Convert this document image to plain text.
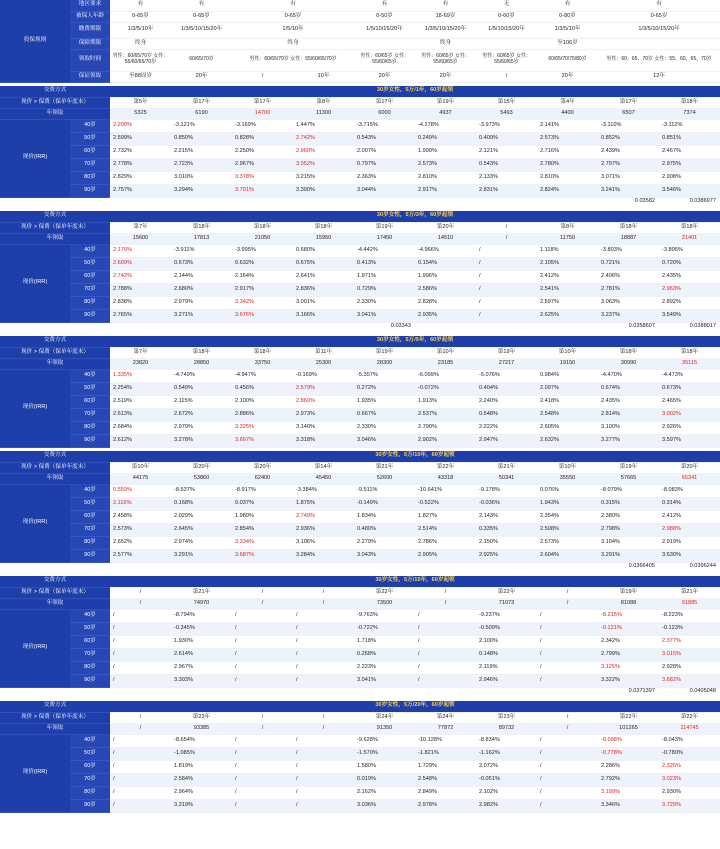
投保规则	地区要求	有	有	有		有	有	无	有	有	
	被保人年龄	0-65岁	0-65岁	0-65岁		0-50岁	18-69岁	0-60岁	0-80岁	0-65岁	
	缴费期限	1/3/5/10年	1/3/5/10/15/20年	1/5/10年		1/5/10/15/20年	1/3/5/10/15/20年	1/5/10/15/20年	1/3/5/10年	1/3/5/10/15/20年	
	保障期限	终身		终身			终身		至106岁		
	领取时间	男性：60/65/70岁 女性：55/60/65/70岁	60/65/70岁	男性：60/65/70岁 女性：55/60/65/70岁		男性：60/65岁 女性：55/60/65岁	男性：60/65岁 女性：55/60/65岁	男性：60/65岁 女性：55/60/65岁	60/65/70/75/80岁	男性：60、65、70岁 女性：55、60、65、70岁	
	保证领取	至88周岁	20年	/	10年	20年	20年	/	20年	12年	

交费方式		30岁女性，5万/1年，60岁起领									
现价 > 保费（保单年度末）		第5年	第17年	第17年	第8年	第17年	第19年	第15年	第4年	第17年	第18年
年领取		5325	6190	14700	11300	6000	4937	5493	4400	6507	7374
现价(IRR)	40岁	2.200%	-3.121%	-3.169%	1.447%	-3.715%	-4.278%	-3.973%	2.141%	-3.110%	-3.112%
	50岁	2.599%	0.850%	0.828%	2.742%	0.543%	0.249%	0.409%	2.573%	0.852%	0.851%
	60岁	2.732%	2.215%	2.250%	2.960%	2.007%	1.999%	2.121%	2.716%	2.439%	2.467%
	70岁	2.778%	2.723%	2.967%	3.052%	0.797%	2.573%	0.543%	2.780%	2.797%	2.975%
	80岁	2.829%	3.010%	3.378%	3.215%	2.363%	2.810%	2.133%	2.810%	3.071%	2.908%
	90岁	2.757%	3.294%	3.701%	3.390%	3.044%	2.917%	2.831%	2.824%	3.241%	3.546%
										0.03582	0.0386977

交费方式		30岁女性，5万/3年，60岁起领									
现价 > 保费（保单年度末）		第7年	第18年	第18年	第18年	第19年	第20年	/	第8年	第18年	第18年
年领取		15600	17813	21050	15950	17450	14510	/	11750	18887	21401
现价(IRR)	40岁	2.176%	-3.911%	-3.995%	0.680%	-4.442%	-4.966%	/	1.118%	-3.803%	-3.805%
	50岁	2.609%	0.673%	0.632%	0.675%	0.413%	0.154%	/	2.105%	0.721%	0.720%
	60岁	2.742%	2.144%	2.164%	2.641%	1.971%	1.996%	/	2.412%	2.406%	2.435%
	70岁	2.788%	2.680%	2.917%	2.836%	0.729%	2.586%	/	2.541%	2.781%	2.963%
	80岁	2.838%	2.979%	3.342%	3.001%	2.330%	2.828%	/	2.597%	3.063%	2.892%
	90岁	2.765%	3.271%	3.676%	3.166%	3.041%	2.935%	/	2.625%	3.237%	3.549%
						0.03343				0.0358607	0.0388017

交费方式		30岁女性，5万/5年，60岁起领									
现价 > 保费（保单年度末）		第7年	第18年	第18年	第11年	第19年	第10年	第19年	第10年	第18年	第18年
年领取		23820	28850	33750	25300	28300	23185	27217	19150	30990	35115
现价(IRR)	40岁	1.335%	-4.749%	-4.947%	-0.169%	-5.357%	-6.099%	-5.076%	0.984%	-4.470%	-4.473%
	50岁	2.254%	0.549%	0.456%	2.579%	0.272%	-0.072%	0.404%	2.097%	0.674%	0.673%
	60岁	2.519%	2.115%	2.100%	2.860%	1.935%	1.913%	2.240%	2.418%	2.435%	2.465%
	70岁	2.613%	2.672%	2.886%	2.973%	0.667%	2.537%	0.548%	2.548%	2.814%	3.002%
	80岁	2.684%	2.979%	3.325%	3.140%	2.330%	2.790%	2.222%	2.605%	3.100%	2.926%
	90岁	2.612%	3.278%	3.667%	3.318%	3.046%	2.902%	2.947%	2.632%	3.277%	3.597%

交费方式		30岁女性，5万/10年，60岁起领									
现价 > 保费（保单年度末）		第10年	第20年	第20年	第14年	第21年	第22年	第21年	第10年	第19年	第20年
年领取		44175	53860	62400	45450	52600	43318	50341	35550	57665	65341
现价(IRR)	40岁	0.559%	-8.537%	-8.917%	-3.384%	-9.511%	-10.641%	-9.178%	0.076%	-8.079%	-8.083%
	50岁	2.116%	0.168%	0.037%	1.875%	-0.149%	-0.522%	-0.036%	1.943%	0.315%	0.314%
	60岁	2.458%	2.029%	1.989%	2.749%	1.834%	1.827%	2.143%	2.354%	2.380%	2.412%
	70岁	2.573%	2.645%	2.854%	2.936%	0.480%	2.514%	0.335%	2.508%	2.798%	2.988%
	80岁	2.652%	2.974%	3.334%	3.106%	2.279%	2.786%	2.150%	2.573%	3.104%	2.919%
	90岁	2.577%	3.291%	3.687%	3.284%	3.043%	2.905%	2.925%	2.604%	3.291%	3.630%
										0.0366405	0.0396244

交费方式		30岁女性，5万/15年，60岁起领									
现价 > 保费（保单年度末）		/	第21年	/	/	第22年	/	第22年	/	第19年	第21年
年领取		/	74970	/	/	73500	/	71073	/	81088	91885
现价(IRR)	40岁	/	-8.794%	/	/	-9.763%	/	-9.237%	/	-8.215%	-8.223%
	50岁	/	-0.345%	/	/	-0.722%	/	-0.509%	/	-0.121%	-0.123%
	60岁	/	1.930%	/	/	1.718%	/	2.100%	/	2.342%	2.377%
	70岁	/	2.614%	/	/	0.268%	/	0.148%	/	2.799%	3.015%
	80岁	/	2.967%	/	/	2.223%	/	2.119%	/	3.125%	2.928%
	90岁	/	3.303%	/	/	3.041%	/	2.946%	/	3.322%	3.682%
										0.0371397	0.0405048

交费方式		30岁女性，5万/20年，60岁起领									
现价 > 保费（保单年度末）		/	第23年	/	/	第24年	第24年	第23年	/	第22年	第22年
年领取		/	93385	/	/	91350	77872	89732	/	101265	114745
现价(IRR)	40岁	/	-8.654%	/	/	-9.628%	-10.128%	-8.834%	/	-8.098%	-8.043%
	50岁	/	-1.085%	/	/	-1.570%	-1.821%	-1.162%	/	-0.778%	-0.780%
	60岁	/	1.819%	/	/	1.580%	1.729%	2.072%	/	2.286%	2.326%
	70岁	/	2.584%	/	/	0.019%	2.548%	-0.051%	/	2.792%	3.023%
	80岁	/	2.964%	/	/	2.162%	2.849%	2.102%	/	3.199%	2.930%
	90岁	/	3.319%	/	/	3.036%	2.978%	2.982%	/	3.346%	3.729%
